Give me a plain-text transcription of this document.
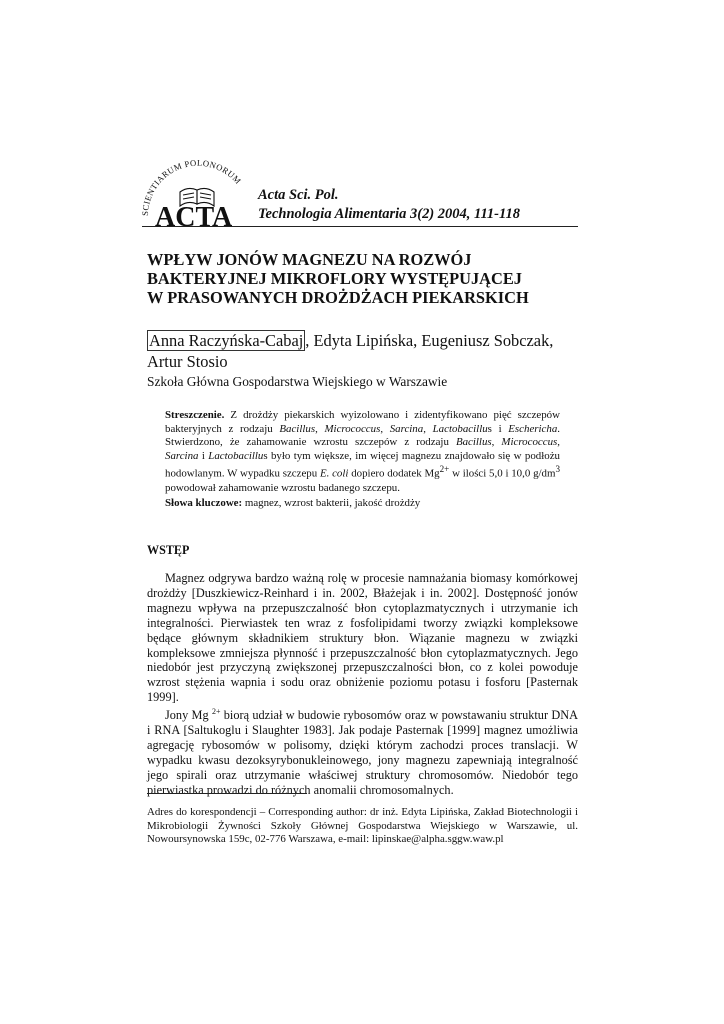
IENTIARUM POLONORUM
ACTA
Acta Sci. Pol.
Technologia Alimentaria 3(2) 2004, 111-118
WPŁYW JONÓW MAGNEZU NA ROZWÓJ
BAKTERYJNEJ MIKROFLORY WYSTĘPUJĄCEJ
W PRASOWANYCH DROŻDŻACH PIEKARSKICH
Anna Raczyńska-Cabaj , Edyta Lipińska, Eugeniusz Sobczak,
Artur Stosio
Szkoła Główna Gospodarstwa Wiejskiego w Warszawie
Streszczenie. Z drożdży piekarskich wyizolowano i zidentyfikowano pięć szczepów bakteryjnych z rodzaju Bacillus, Micrococcus, Sarcina, Lactobacillus i Eschericha. Stwierdzono, że zahamowanie wzrostu szczepów z rodzaju Bacillus, Micrococcus, Sarcina i Lactobacillus było tym większe, im więcej magnezu znajdowało się w podłożu hodowlanym. W wypadku szczepu E. coli dopiero dodatek $Mg^{2+}$ w ilości 5,0 i 10,0 $g/dm^3$ powodował zahamowanie wzrostu badanego szczepu.
Słowa kluczowe: magnez, wzrost bakterii, jakość drożdży
WSTĘP

Magnez odgrywa bardzo ważną rolę w procesie namnażania biomasy komórkowej drożdży [Duszkiewicz-Reinhard i in. 2002, Błażejak i in. 2002]. Dostępność jonów magnezu wpływa na przepuszczalność błon cytoplazmatycznych i utrzymanie ich integralności. Pierwiastek ten wraz z fosfolipidami tworzy związki kompleksowe będące głównym składnikiem struktury błon. Wiązanie magnezu w związki kompleksowe zmniejsza płynność i przepuszczalność błon cytoplazmatycznych. Jego niedobór jest przyczyną zwiększonej przepuszczalności błon, co z kolei powoduje wzrost stężenia wapnia i sodu oraz obniżenie poziomu potasu i fosforu [Pasternak 1999].

Jony Mg $^{2+}$ biorą udział w budowie rybosomów oraz w powstawaniu struktur DNA i RNA [Saltukoglu i Slaughter 1983]. Jak podaje Pasternak [1999] magnez umożliwia agregację rybosomów w polisomy, dzięki którym zachodzi proces translacji. W wypadku kwasu dezoksyrybonukleinowego, jony magnezu zapewniają integralność jego spirali oraz utrzymanie właściwej struktury chromosomów. Niedobór tego pierwiastka prowadzi do różnych anomalii chromosomalnych.

Adres do korespondencji – Corresponding author: dr inż. Edyta Lipińska, Zakład Biotechnologii i Mikrobiologii Żywności Szkoły Głównej Gospodarstwa Wiejskiego w Warszawie, ul. Nowoursynowska 159c, 02-776 Warszawa, e-mail: lipinskae@alpha.sggw.waw.pl
